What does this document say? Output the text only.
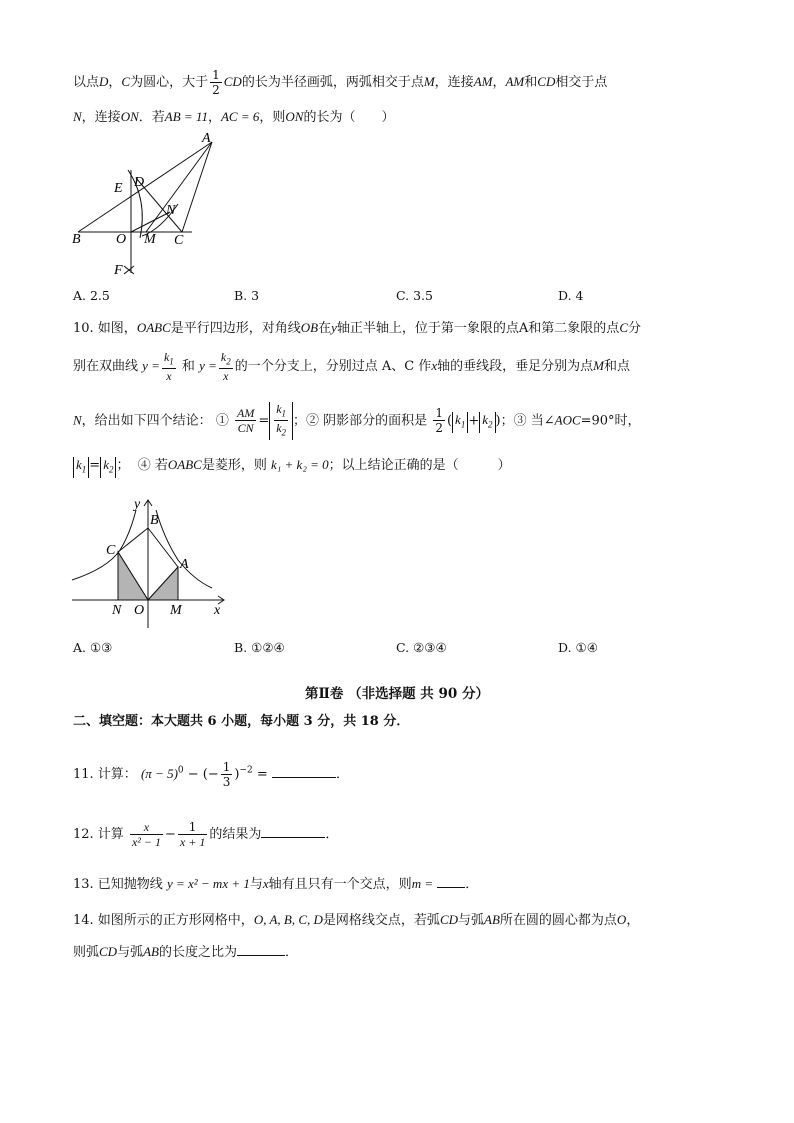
以点D，C为圆心，大于 $\frac{1}{2}$ CD的长为半径画弧，两弧相交于点M，连接AM，AM和CD相交于点
N，连接ON．若AB = 11，AC = 6，则ON的长为（　　）
A
B	C
D
E
F
M
N
O
A. 2.5	B. 3	C. 3.5	D. 4
10. 如图，OABC是平行四边形，对角线OB在y轴正半轴上，位于第一象限的点A和第二象限的点C分
别在双曲线 $y = \frac{k_1}{x}$ 和 $y = \frac{k_2}{x}$ 的一个分支上，分别过点 A、C 作x轴的垂线段，垂足分别为点M和点
N，给出如下四个结论： ① $\frac{AM}{CN} = \frac{k_1}{k_2}$ ；② 阴影部分的面积是 $\frac{1}{2}$ ( $k_1 + k_2$ )；③ 当∠AOC=90°时，
$k_1 = k_2$ ； ④ 若OABC是菱形，则 k₁ + k₂ = 0；以上结论正确的是（　　　）
y
B
C
A
N O M x
A. ①③	B. ①②④	C. ②③④	D. ①④
第Ⅱ卷 （非选择题 共 90 分）
二、填空题：本大题共 6 小题，每小题 3 分，共 18 分．
11. 计算： $(\pi - 5)^0$ − (− $\frac{1}{3} )^{-2}$ =	．
12. 计算 $\frac{x}{\text{x² − 1}} - \frac{1}{x + 1}$ 的结果为	．
13. 已知抛物线 y = x² − mx + 1与x轴有且只有一个交点，则m = ．
14. 如图所示的正方形网格中，O, A, B, C, D是网格线交点，若弧CD与弧AB所在圆的圆心都为点O，
则弧CD与弧AB的长度之比为	．
